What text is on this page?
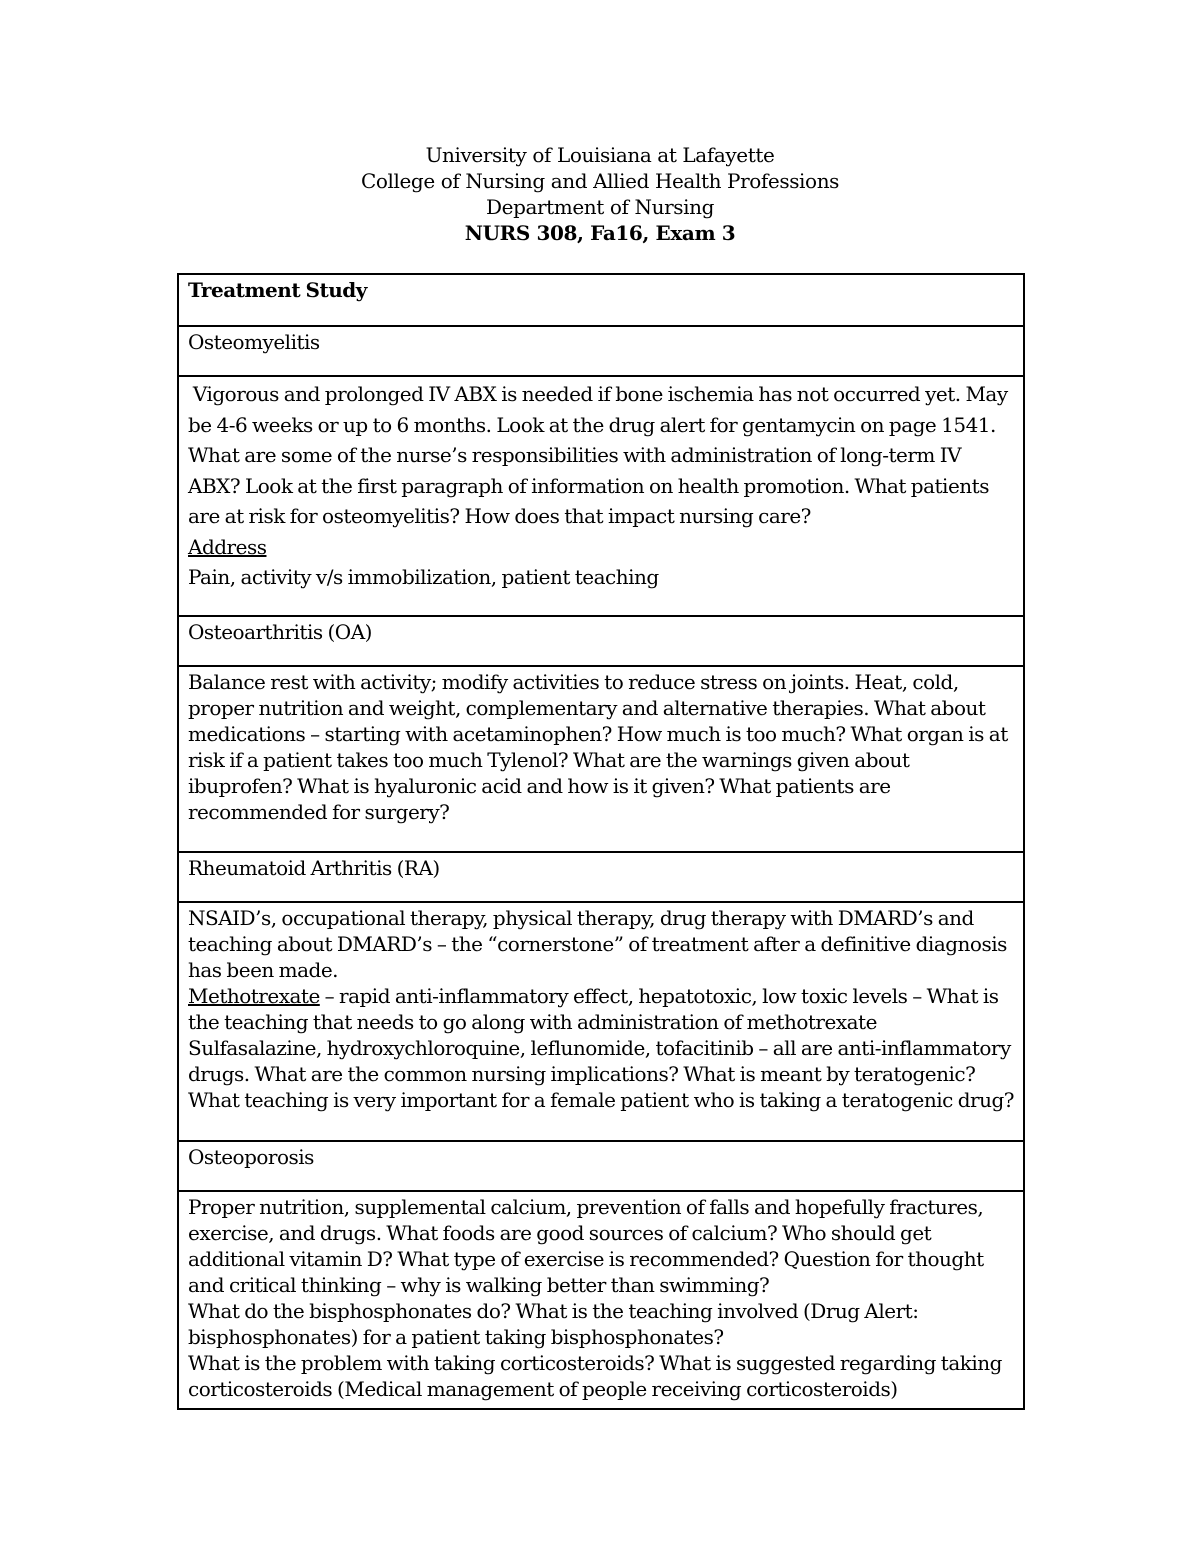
University of Louisiana at Lafayette
College of Nursing and Allied Health Professions
Department of Nursing
NURS 308, Fa16, Exam 3
Treatment Study
Osteomyelitis

Vigorous and prolonged IV ABX is needed if bone ischemia has not occurred yet. May be 4-6 weeks or up to 6 months. Look at the drug alert for gentamycin on page 1541. What are some of the nurse’s responsibilities with administration of long-term IV ABX? Look at the first paragraph of information on health promotion. What patients are at risk for osteomyelitis? How does that impact nursing care?

Address

Pain, activity v/s immobilization, patient teaching

Osteoarthritis (OA)
Balance rest with activity; modify activities to reduce stress on joints. Heat, cold, proper nutrition and weight, complementary and alternative therapies. What about medications – starting with acetaminophen? How much is too much? What organ is at risk if a patient takes too much Tylenol? What are the warnings given about ibuprofen? What is hyaluronic acid and how is it given? What patients are recommended for surgery?
Rheumatoid Arthritis (RA)

NSAID’s, occupational therapy, physical therapy, drug therapy with DMARD’s and teaching about DMARD’s – the “cornerstone” of treatment after a definitive diagnosis has been made.

Methotrexate – rapid anti-inflammatory effect, hepatotoxic, low toxic levels – What is the teaching that needs to go along with administration of methotrexate

Sulfasalazine, hydroxychloroquine, leflunomide, tofacitinib – all are anti-inflammatory drugs. What are the common nursing implications? What is meant by teratogenic? What teaching is very important for a female patient who is taking a teratogenic drug?

Osteoporosis

Proper nutrition, supplemental calcium, prevention of falls and hopefully fractures, exercise, and drugs. What foods are good sources of calcium? Who should get additional vitamin D? What type of exercise is recommended? Question for thought and critical thinking – why is walking better than swimming?

What do the bisphosphonates do? What is the teaching involved (Drug Alert: bisphosphonates) for a patient taking bisphosphonates?

What is the problem with taking corticosteroids? What is suggested regarding taking corticosteroids (Medical management of people receiving corticosteroids)
